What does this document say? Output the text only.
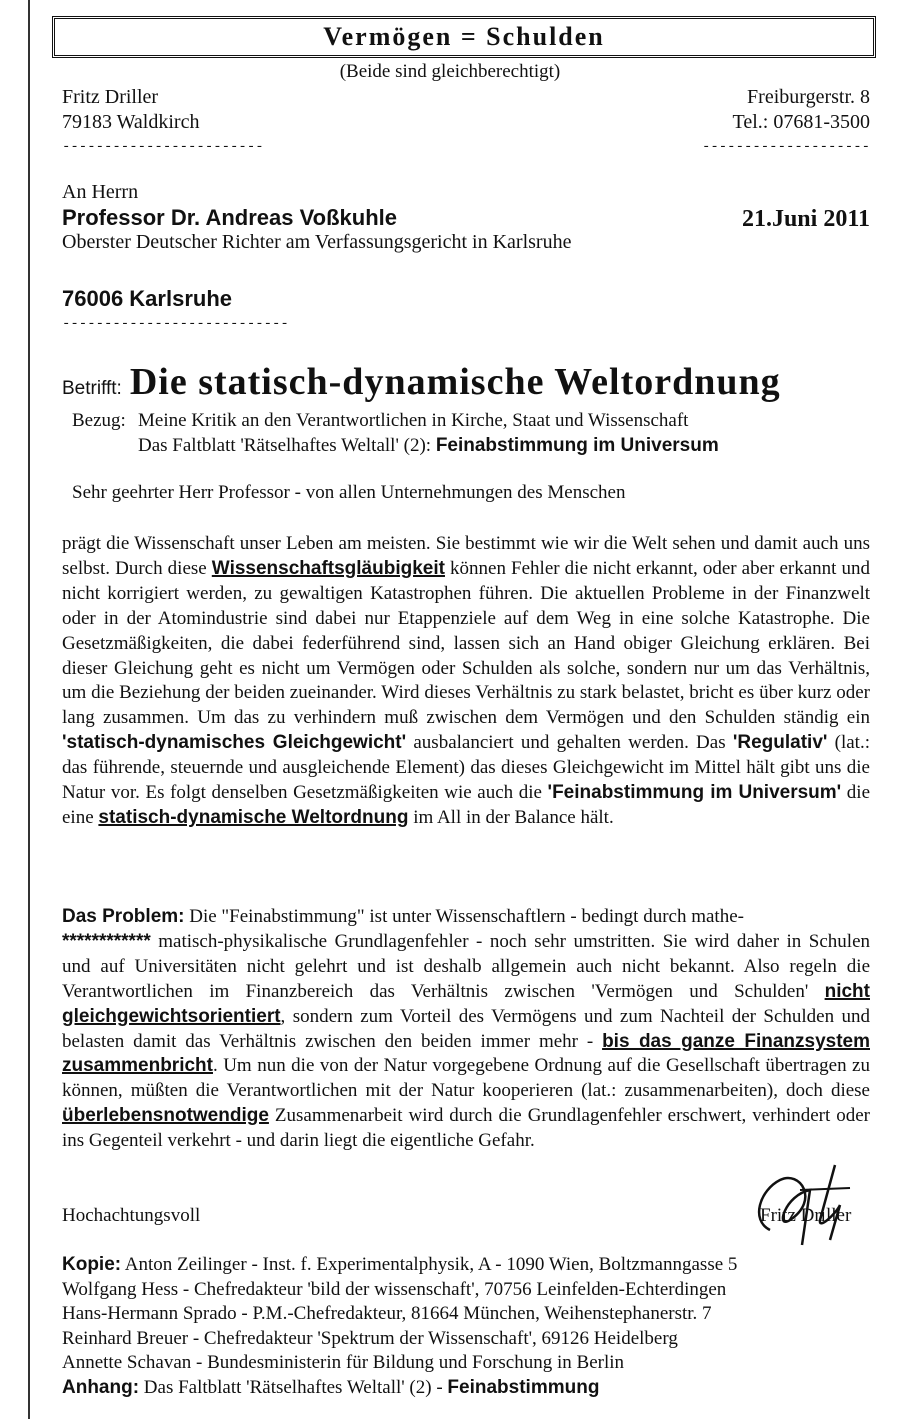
Vermögen = Schulden
(Beide sind gleichberechtigt)
Fritz Driller
79183 Waldkirch
------------------------
Freiburgerstr. 8
Tel.: 07681-3500
--------------------
An Herrn
Professor Dr. Andreas Voßkuhle
Oberster Deutscher Richter am Verfassungsgericht in Karlsruhe
21.Juni 2011
76006 Karlsruhe
---------------------------
Betrifft: Die statisch-dynamische Weltordnung
Bezug: Meine Kritik an den Verantwortlichen in Kirche, Staat und Wissenschaft
Das Faltblatt 'Rätselhaftes Weltall' (2): Feinabstimmung im Universum
Sehr geehrter Herr Professor - von allen Unternehmungen des Menschen

prägt die Wissenschaft unser Leben am meisten. Sie bestimmt wie wir die Welt sehen und damit auch uns selbst. Durch diese Wissenschaftsgläubigkeit können Fehler die nicht erkannt, oder aber erkannt und nicht korrigiert werden, zu gewaltigen Katastrophen führen. Die aktuellen Probleme in der Finanzwelt oder in der Atomindustrie sind dabei nur Etappenziele auf dem Weg in eine solche Katastrophe. Die Gesetzmäßigkeiten, die dabei federführend sind, lassen sich an Hand obiger Gleichung erklären. Bei dieser Gleichung geht es nicht um Vermögen oder Schulden als solche, sondern nur um das Verhältnis, um die Beziehung der beiden zueinander. Wird dieses Verhältnis zu stark belastet, bricht es über kurz oder lang zusammen. Um das zu verhindern muß zwischen dem Vermögen und den Schulden ständig ein 'statisch-dynamisches Gleichgewicht' ausbalanciert und gehalten werden. Das 'Regulativ' (lat.: das führende, steuernde und ausgleichende Element) das dieses Gleichgewicht im Mittel hält gibt uns die Natur vor. Es folgt denselben Gesetzmäßigkeiten wie auch die 'Feinabstimmung im Universum' die eine statisch-dynamische Weltordnung im All in der Balance hält.

Das Problem: Die "Feinabstimmung" ist unter Wissenschaftlern - bedingt durch mathe-
************ matisch-physikalische Grundlagenfehler - noch sehr umstritten. Sie wird daher in Schulen und auf Universitäten nicht gelehrt und ist deshalb allgemein auch nicht bekannt. Also regeln die Verantwortlichen im Finanzbereich das Verhältnis zwischen 'Vermögen und Schulden' nicht gleichgewichtsorientiert, sondern zum Vorteil des Vermögens und zum Nachteil der Schulden und belasten damit das Verhältnis zwischen den beiden immer mehr - bis das ganze Finanzsystem zusammenbricht. Um nun die von der Natur vorgegebene Ordnung auf die Gesellschaft übertragen zu können, müßten die Verantwortlichen mit der Natur kooperieren (lat.: zusammenarbeiten), doch diese überlebensnotwendige Zusammenarbeit wird durch die Grundlagenfehler erschwert, verhindert oder ins Gegenteil verkehrt - und darin liegt die eigentliche Gefahr.

Hochachtungsvoll	Fritz Driller
Kopie: Anton Zeilinger - Inst. f. Experimentalphysik, A - 1090 Wien, Boltzmanngasse 5
Wolfgang Hess - Chefredakteur 'bild der wissenschaft', 70756 Leinfelden-Echterdingen
Hans-Hermann Sprado - P.M.-Chefredakteur, 81664 München, Weihenstephanerstr. 7
Reinhard Breuer - Chefredakteur 'Spektrum der Wissenschaft', 69126 Heidelberg
Annette Schavan - Bundesministerin für Bildung und Forschung in Berlin
Anhang: Das Faltblatt 'Rätselhaftes Weltall' (2) - Feinabstimmung
